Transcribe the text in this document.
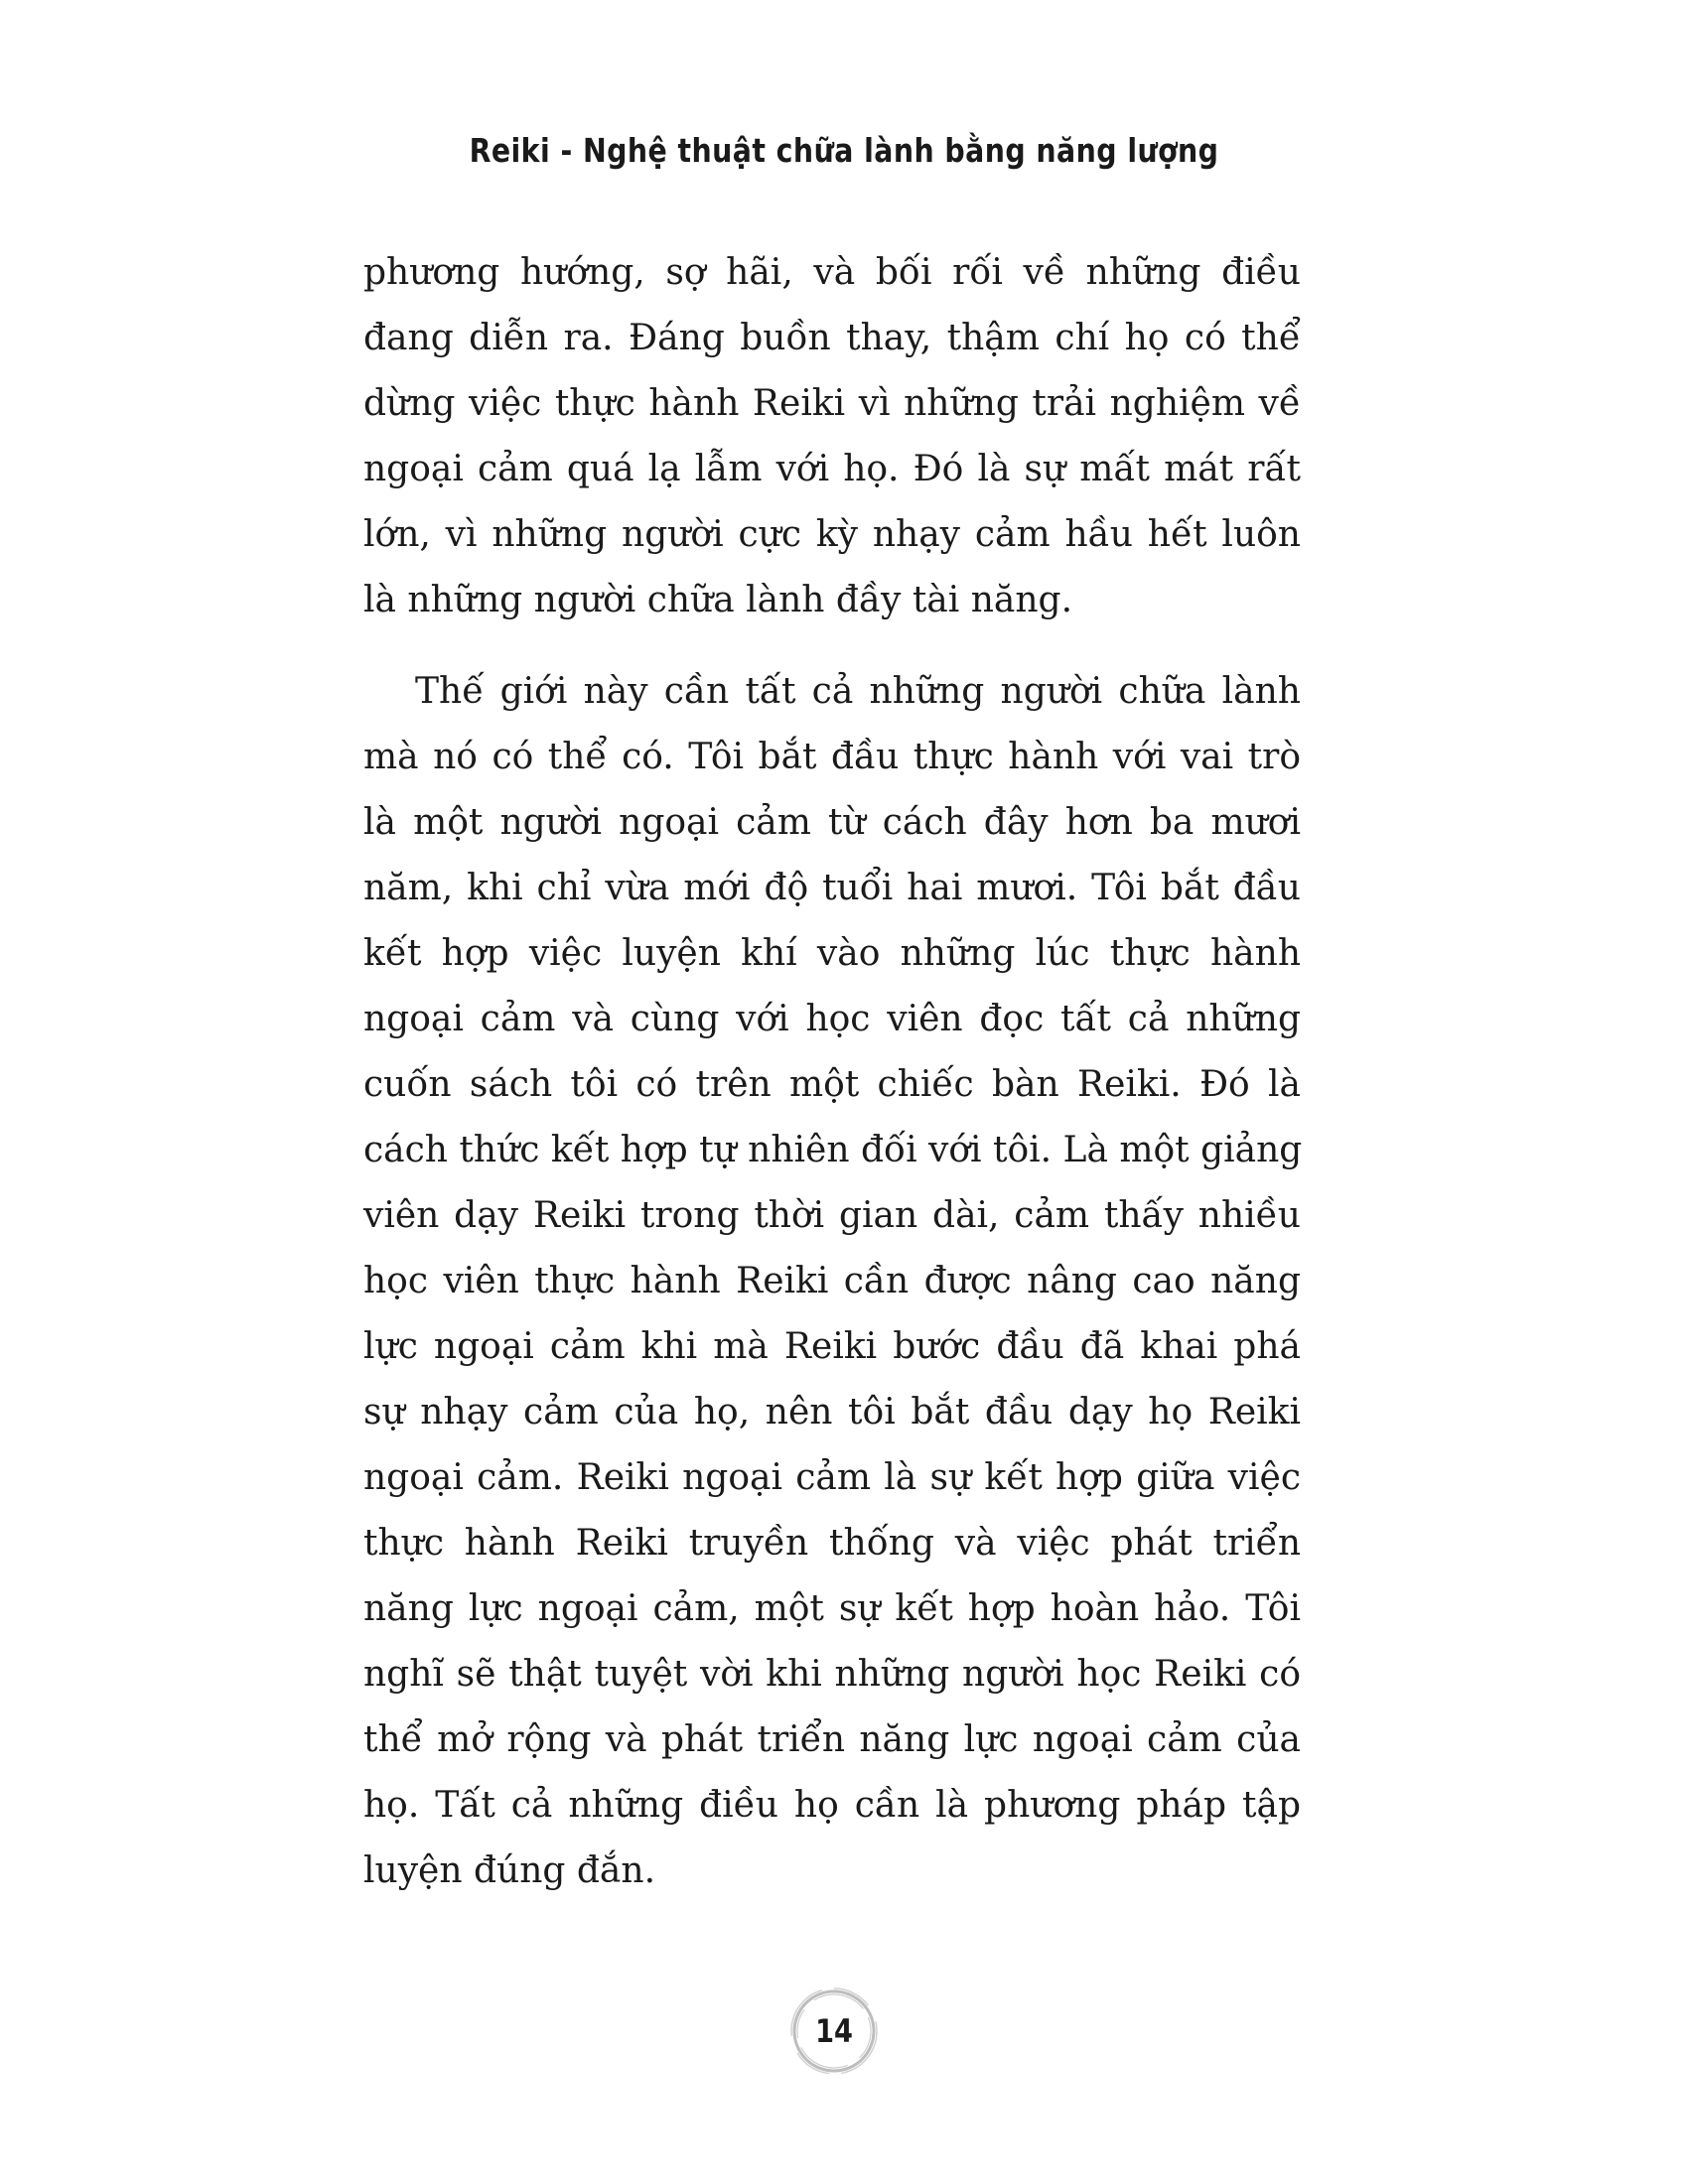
Reiki - Nghệ thuật chữa lành bằng năng lượng

phương hướng, sợ hãi, và bối rối về những điều
đang diễn ra. Đáng buồn thay, thậm chí họ có thể
dừng việc thực hành Reiki vì những trải nghiệm về
ngoại cảm quá lạ lẫm với họ. Đó là sự mất mát rất
lớn, vì những người cực kỳ nhạy cảm hầu hết luôn
là những người chữa lành đầy tài năng.

Thế giới này cần tất cả những người chữa lành
mà nó có thể có. Tôi bắt đầu thực hành với vai trò
là một người ngoại cảm từ cách đây hơn ba mươi
năm, khi chỉ vừa mới độ tuổi hai mươi. Tôi bắt đầu
kết hợp việc luyện khí vào những lúc thực hành
ngoại cảm và cùng với học viên đọc tất cả những
cuốn sách tôi có trên một chiếc bàn Reiki. Đó là
cách thức kết hợp tự nhiên đối với tôi. Là một giảng
viên dạy Reiki trong thời gian dài, cảm thấy nhiều
học viên thực hành Reiki cần được nâng cao năng
lực ngoại cảm khi mà Reiki bước đầu đã khai phá
sự nhạy cảm của họ, nên tôi bắt đầu dạy họ Reiki
ngoại cảm. Reiki ngoại cảm là sự kết hợp giữa việc
thực hành Reiki truyền thống và việc phát triển
năng lực ngoại cảm, một sự kết hợp hoàn hảo. Tôi
nghĩ sẽ thật tuyệt vời khi những người học Reiki có
thể mở rộng và phát triển năng lực ngoại cảm của
họ. Tất cả những điều họ cần là phương pháp tập
luyện đúng đắn.

14
